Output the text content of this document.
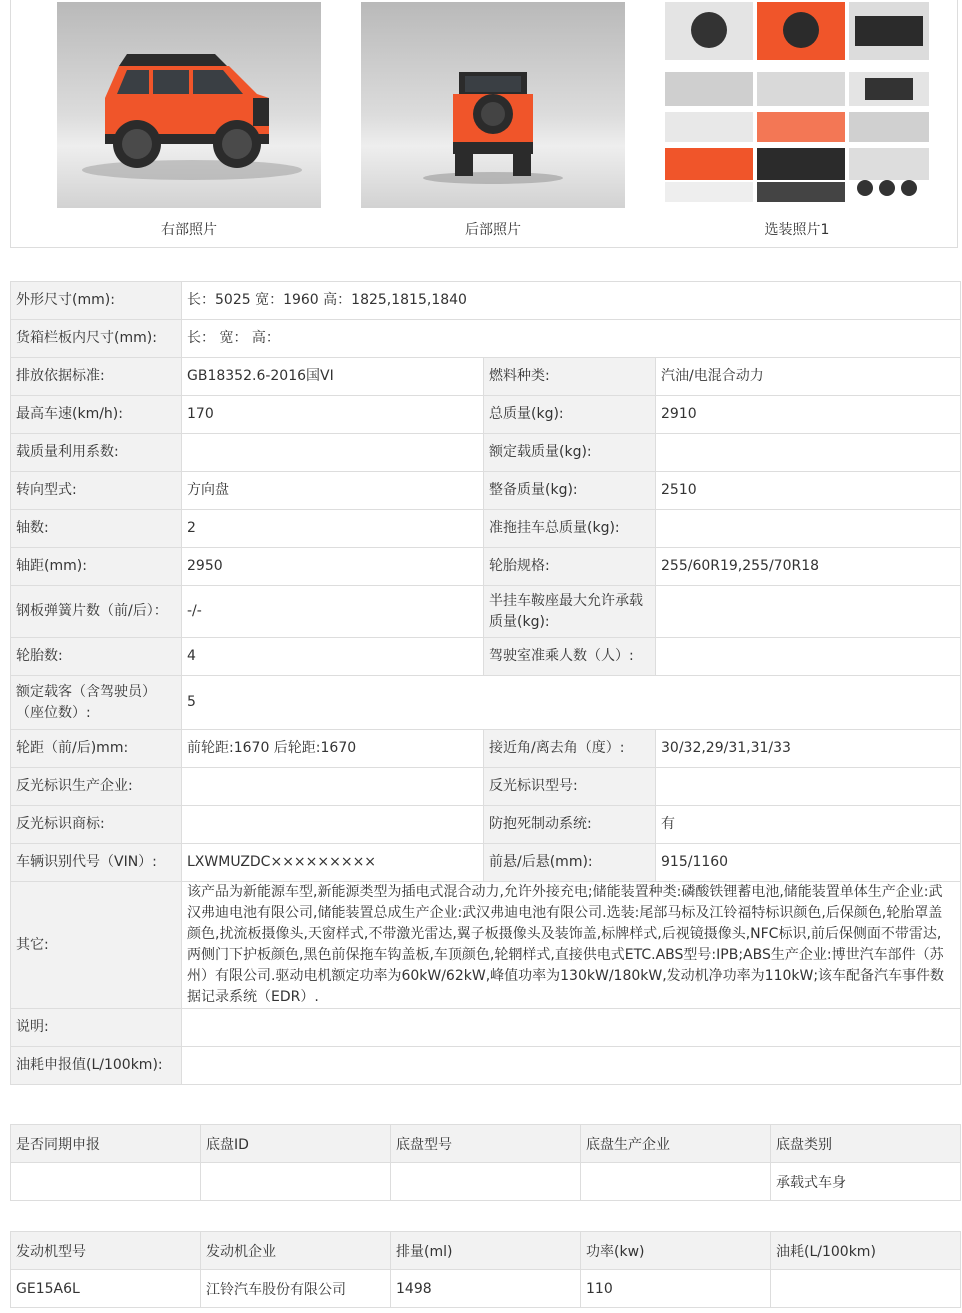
右部照片	后部照片	选装照片1
外形尺寸(mm):	长：5025 宽：1960 高：1825,1815,1840		
货箱栏板内尺寸(mm):	长： 宽： 高：		
排放依据标准:	GB18352.6-2016国VI	燃料种类:	汽油/电混合动力
最高车速(km/h):	170	总质量(kg):	2910
载质量利用系数:		额定载质量(kg):	
转向型式:	方向盘	整备质量(kg):	2510
轴数:	2	准拖挂车总质量(kg):	
轴距(mm):	2950	轮胎规格:	255/60R19,255/70R18
钢板弹簧片数（前/后）：	-/-	半挂车鞍座最大允许承载质量(kg):	
轮胎数:	4	驾驶室准乘人数（人）:	
额定载客（含驾驶员）（座位数）:	5		
轮距（前/后)mm:	前轮距:1670 后轮距:1670	接近角/离去角（度）:	30/32,29/31,31/33
反光标识生产企业:		反光标识型号:	
反光标识商标:		防抱死制动系统:	有
车辆识别代号（VIN）:	LXWMUZDC×××××××××	前悬/后悬(mm):	915/1160
其它:	该产品为新能源车型,新能源类型为插电式混合动力,允许外接充电;储能装置种类:磷酸铁锂蓄电池,储能装置单体生产企业:武汉弗迪电池有限公司,储能装置总成生产企业:武汉弗迪电池有限公司.选装:尾部马标及江铃福特标识颜色,后保颜色,轮胎罩盖颜色,扰流板摄像头,天窗样式,不带激光雷达,翼子板摄像头及装饰盖,标牌样式,后视镜摄像头,NFC标识,前后保侧面不带雷达,两侧门下护板颜色,黑色前保拖车钩盖板,车顶颜色,轮辋样式,直接供电式ETC.ABS型号:IPB;ABS生产企业:博世汽车部件（苏州）有限公司.驱动电机额定功率为60kW/62kW,峰值功率为130kW/180kW,发动机净功率为110kW;该车配备汽车事件数据记录系统（EDR）.		
说明:			
油耗申报值(L/100km):			
是否同期申报	底盘ID	底盘型号	底盘生产企业	底盘类别
				承载式车身
发动机型号	发动机企业	排量(ml)	功率(kw)	油耗(L/100km)
GE15A6L	江铃汽车股份有限公司	1498	110	
